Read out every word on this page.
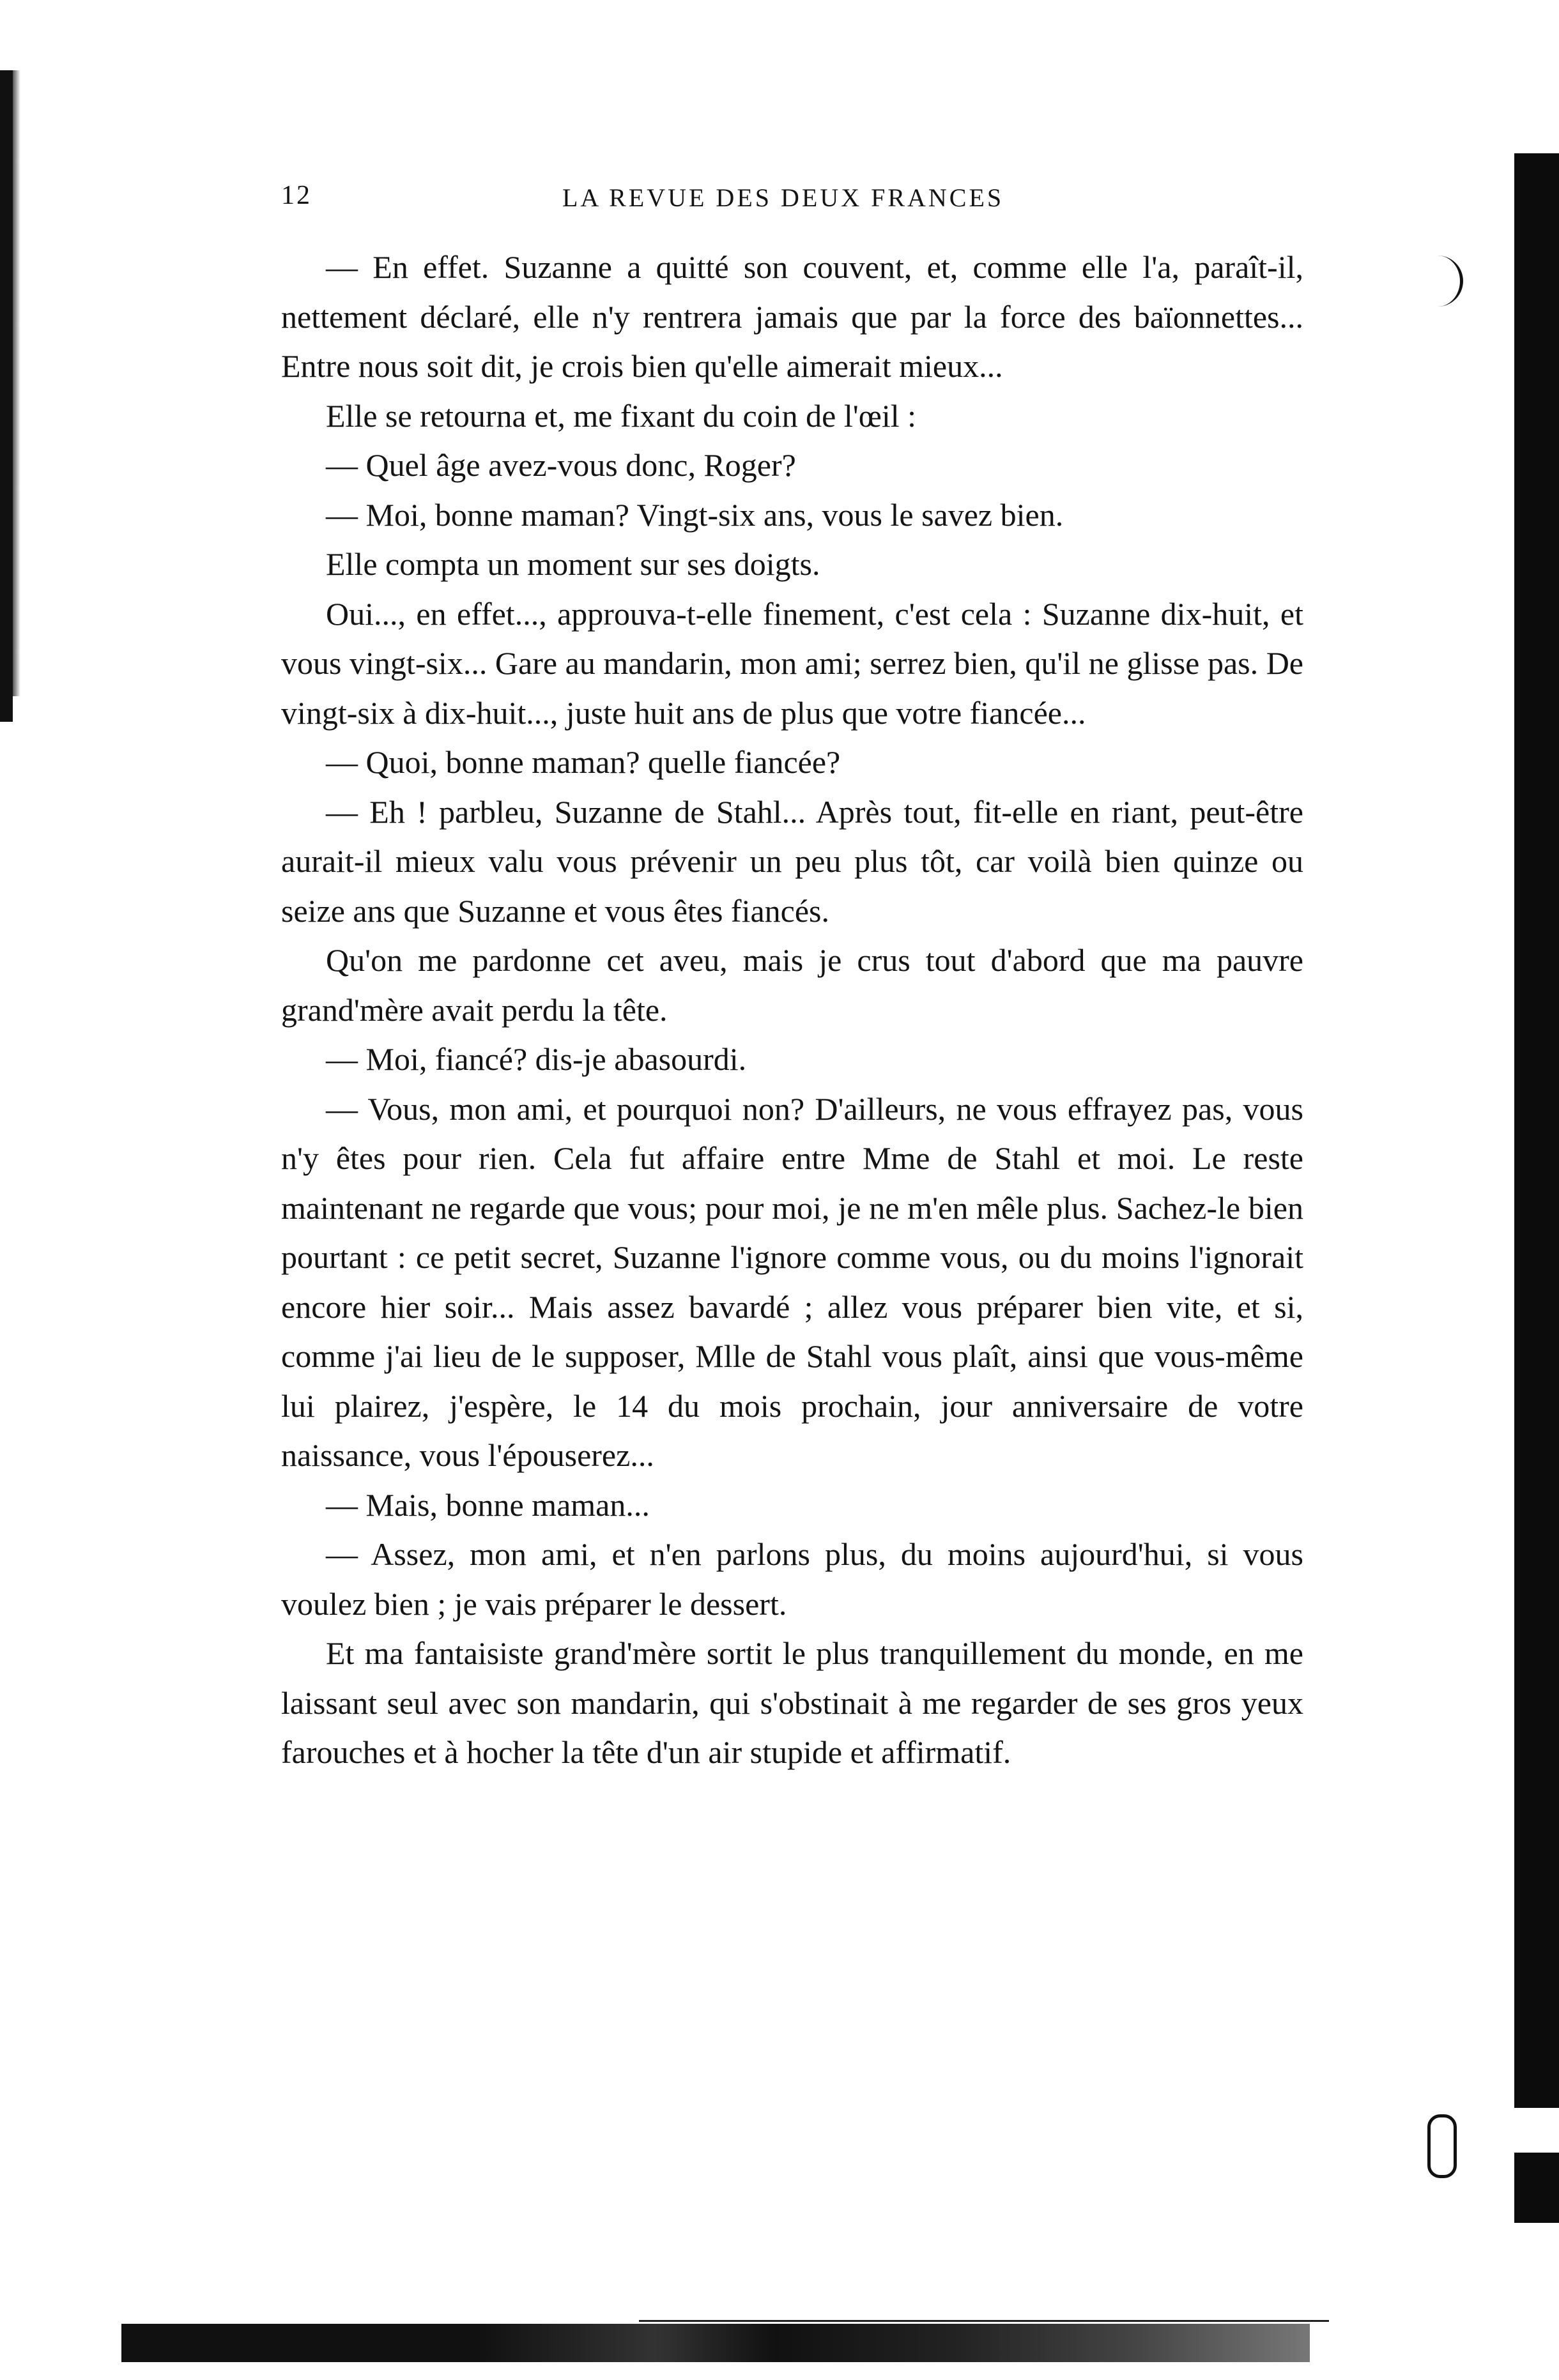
12	LA REVUE DES DEUX FRANCES

— En effet. Suzanne a quitté son couvent, et, comme elle l'a, paraît-il, nettement déclaré, elle n'y rentrera jamais que par la force des baïonnettes... Entre nous soit dit, je crois bien qu'elle aimerait mieux...

Elle se retourna et, me fixant du coin de l'œil :

— Quel âge avez-vous donc, Roger?

— Moi, bonne maman? Vingt-six ans, vous le savez bien.

Elle compta un moment sur ses doigts.

Oui..., en effet..., approuva-t-elle finement, c'est cela : Suzanne dix-huit, et vous vingt-six... Gare au mandarin, mon ami; serrez bien, qu'il ne glisse pas. De vingt-six à dix-huit..., juste huit ans de plus que votre fiancée...

— Quoi, bonne maman? quelle fiancée?

— Eh ! parbleu, Suzanne de Stahl... Après tout, fit-elle en riant, peut-être aurait-il mieux valu vous prévenir un peu plus tôt, car voilà bien quinze ou seize ans que Suzanne et vous êtes fiancés.

Qu'on me pardonne cet aveu, mais je crus tout d'abord que ma pauvre grand'mère avait perdu la tête.

— Moi, fiancé? dis-je abasourdi.

— Vous, mon ami, et pourquoi non? D'ailleurs, ne vous effrayez pas, vous n'y êtes pour rien. Cela fut affaire entre Mme de Stahl et moi. Le reste maintenant ne regarde que vous; pour moi, je ne m'en mêle plus. Sachez-le bien pourtant : ce petit secret, Suzanne l'ignore comme vous, ou du moins l'ignorait encore hier soir... Mais assez bavardé ; allez vous préparer bien vite, et si, comme j'ai lieu de le supposer, Mlle de Stahl vous plaît, ainsi que vous-même lui plairez, j'espère, le 14 du mois prochain, jour anniversaire de votre naissance, vous l'épouserez...

— Mais, bonne maman...

— Assez, mon ami, et n'en parlons plus, du moins aujourd'hui, si vous voulez bien ; je vais préparer le dessert.

Et ma fantaisiste grand'mère sortit le plus tranquillement du monde, en me laissant seul avec son mandarin, qui s'obstinait à me regarder de ses gros yeux farouches et à hocher la tête d'un air stupide et affirmatif.
